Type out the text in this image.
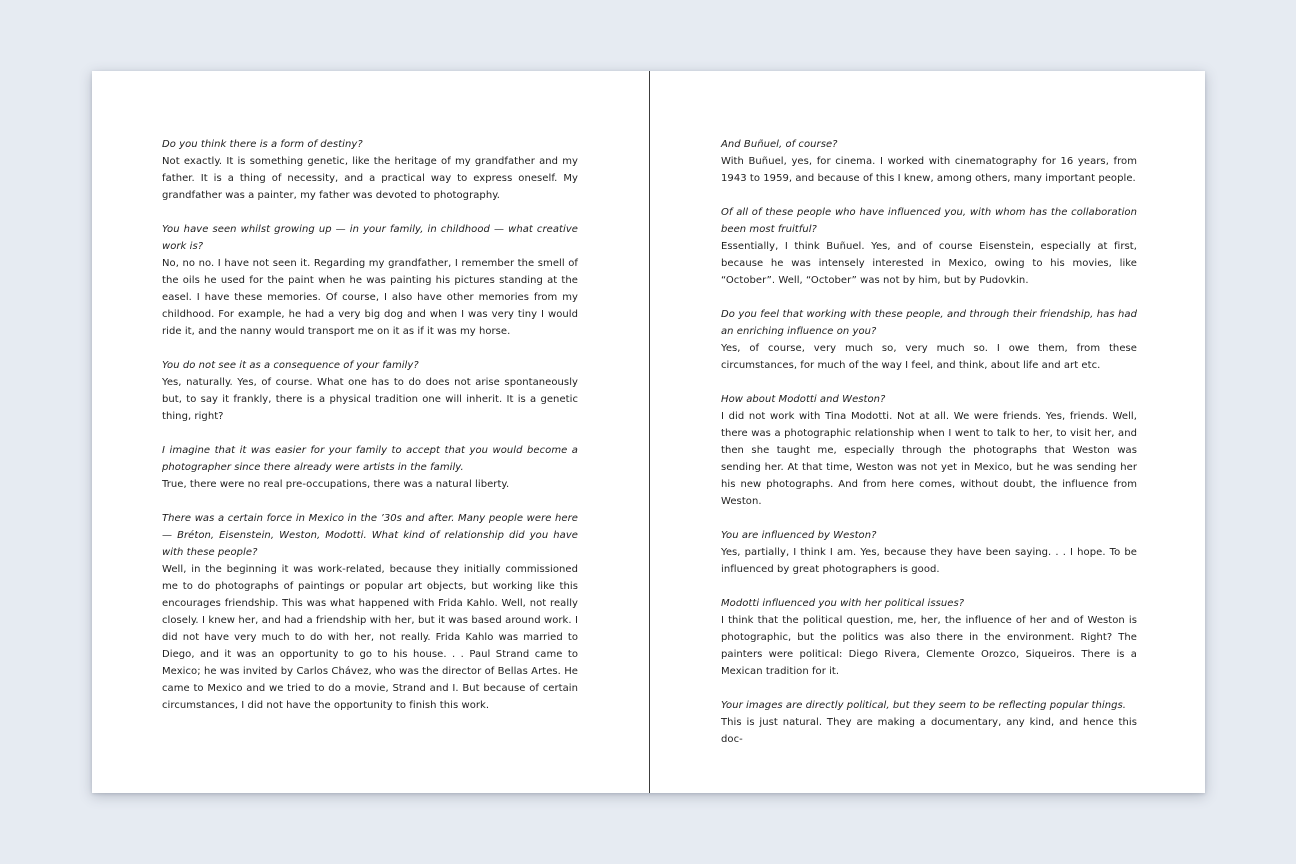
Do you think there is a form of destiny?

Not exactly. It is something genetic, like the heritage of my grandfather and my father. It is a thing of necessity, and a practical way to express oneself. My grandfather was a painter, my father was devoted to photography.

You have seen whilst growing up — in your family, in childhood — what creative work is?

No, no no. I have not seen it. Regarding my grandfather, I remember the smell of the oils he used for the paint when he was painting his pictures standing at the easel. I have these memories. Of course, I also have other memories from my childhood. For example, he had a very big dog and when I was very tiny I would ride it, and the nanny would transport me on it as if it was my horse.

You do not see it as a consequence of your family?

Yes, naturally. Yes, of course. What one has to do does not arise spontaneously but, to say it frankly, there is a physical tradition one will inherit. It is a genetic thing, right?

I imagine that it was easier for your family to accept that you would become a photographer since there already were artists in the family.

True, there were no real pre-occupations, there was a natural liberty.

There was a certain force in Mexico in the ’30s and after. Many people were here — Bréton, Eisenstein, Weston, Modotti. What kind of relationship did you have with these people?

Well, in the beginning it was work-related, because they initially commissioned me to do photographs of paintings or popular art objects, but working like this encourages friendship. This was what happened with Frida Kahlo. Well, not really closely. I knew her, and had a friendship with her, but it was based around work. I did not have very much to do with her, not really. Frida Kahlo was married to Diego, and it was an opportunity to go to his house. . . Paul Strand came to Mexico; he was invited by Carlos Chávez, who was the director of Bellas Artes. He came to Mexico and we tried to do a movie, Strand and I. But because of certain circumstances, I did not have the opportunity to finish this work.

And Buñuel, of course?

With Buñuel, yes, for cinema. I worked with cinematography for 16 years, from 1943 to 1959, and because of this I knew, among others, many important people.

Of all of these people who have influenced you, with whom has the collaboration been most fruitful?

Essentially, I think Buñuel. Yes, and of course Eisenstein, especially at first, because he was intensely interested in Mexico, owing to his movies, like “October”. Well, “October” was not by him, but by Pudovkin.

Do you feel that working with these people, and through their friendship, has had an enriching influence on you?

Yes, of course, very much so, very much so. I owe them, from these circumstances, for much of the way I feel, and think, about life and art etc.

How about Modotti and Weston?

I did not work with Tina Modotti. Not at all. We were friends. Yes, friends. Well, there was a photographic relationship when I went to talk to her, to visit her, and then she taught me, especially through the photographs that Weston was sending her. At that time, Weston was not yet in Mexico, but he was sending her his new photographs. And from here comes, without doubt, the influence from Weston.

You are influenced by Weston?

Yes, partially, I think I am. Yes, because they have been saying. . . I hope. To be influenced by great photographers is good.

Modotti influenced you with her political issues?

I think that the political question, me, her, the influence of her and of Weston is photographic, but the politics was also there in the environment. Right? The painters were political: Diego Rivera, Clemente Orozco, Siqueiros. There is a Mexican tradition for it.

Your images are directly political, but they seem to be reflecting popular things.

This is just natural. They are making a documentary, any kind, and hence this doc-
